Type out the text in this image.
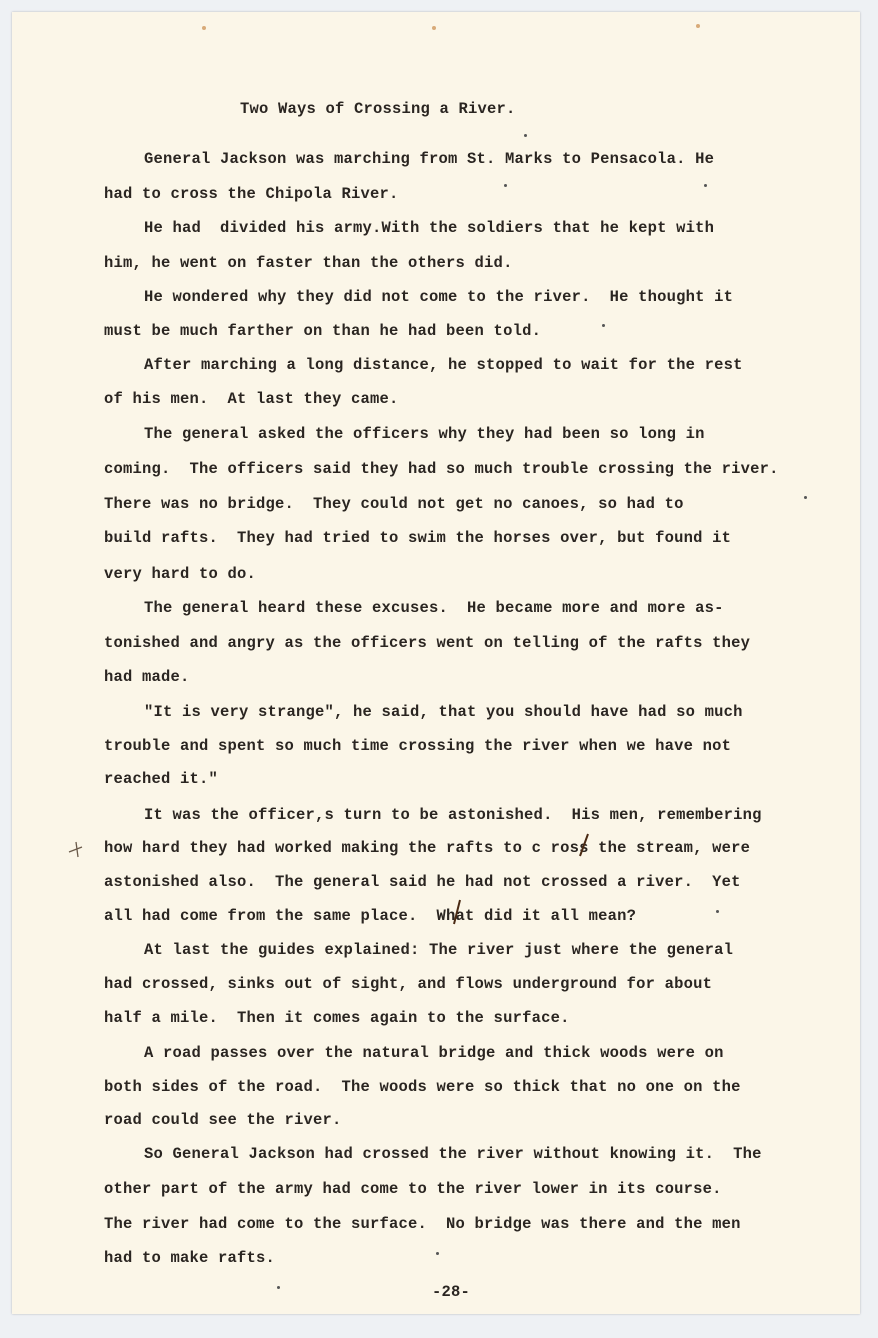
Two Ways of Crossing a River.
General Jackson was marching from St. Marks to Pensacola. He
had to cross the Chipola River.
He had  divided his army.With the soldiers that he kept with
him, he went on faster than the others did.
He wondered why they did not come to the river.  He thought it
must be much farther on than he had been told.
After marching a long distance, he stopped to wait for the rest
of his men.  At last they came.
The general asked the officers why they had been so long in
coming.  The officers said they had so much trouble crossing the river.
There was no bridge.  They could not get no canoes, so had to
build rafts.  They had tried to swim the horses over, but found it
very hard to do.
The general heard these excuses.  He became more and more as-
tonished and angry as the officers went on telling of the rafts they
had made.
"It is very strange", he said, that you should have had so much
trouble and spent so much time crossing the river when we have not
reached it."
It was the officer,s turn to be astonished.  His men, remembering
how hard they had worked making the rafts to c ross the stream, were
astonished also.  The general said he had not crossed a river.  Yet
all had come from the same place.  What did it all mean?
At last the guides explained: The river just where the general
had crossed, sinks out of sight, and flows underground for about
half a mile.  Then it comes again to the surface.
A road passes over the natural bridge and thick woods were on
both sides of the road.  The woods were so thick that no one on the
road could see the river.
So General Jackson had crossed the river without knowing it.  The
other part of the army had come to the river lower in its course.
The river had come to the surface.  No bridge was there and the men
had to make rafts.
-28-
